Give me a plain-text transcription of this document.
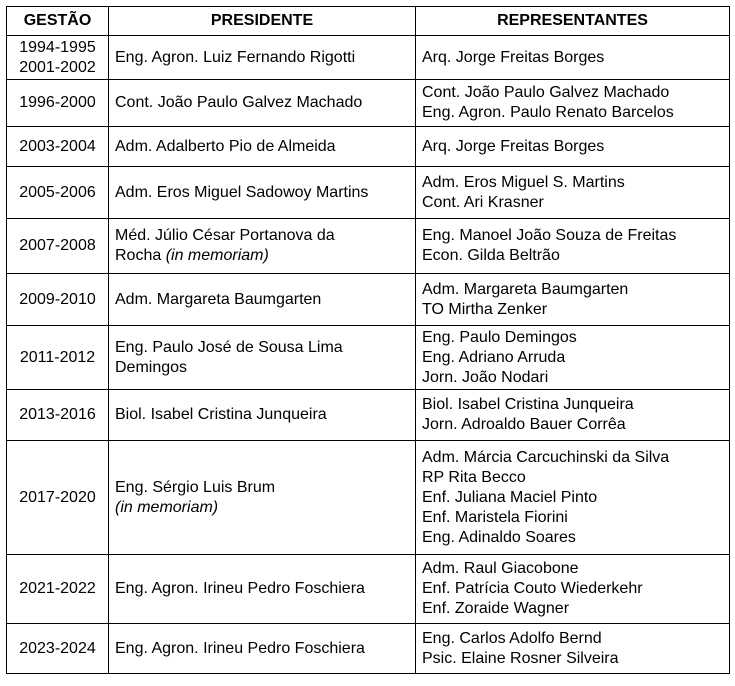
GESTÃO	PRESIDENTE	REPRESENTANTES

1994-1995
2001-2002	Eng. Agron. Luiz Fernando Rigotti	Arq. Jorge Freitas Borges

1996-2000	Cont. João Paulo Galvez Machado	Cont. João Paulo Galvez Machado
Eng. Agron. Paulo Renato Barcelos

2003-2004	Adm. Adalberto Pio de Almeida	Arq. Jorge Freitas Borges

2005-2006	Adm. Eros Miguel Sadowoy Martins	Adm. Eros Miguel S. Martins
Cont. Ari Krasner

2007-2008	Méd. Júlio César Portanova da
Rocha (in memoriam)	Eng. Manoel João Souza de Freitas
Econ. Gilda Beltrão

2009-2010	Adm. Margareta Baumgarten	Adm. Margareta Baumgarten
TO Mirtha Zenker

2011-2012	Eng. Paulo José de Sousa Lima
Demingos	Eng. Paulo Demingos
Eng. Adriano Arruda
Jorn. João Nodari

2013-2016	Biol. Isabel Cristina Junqueira	Biol. Isabel Cristina Junqueira
Jorn. Adroaldo Bauer Corrêa

2017-2020	Eng. Sérgio Luis Brum
(in memoriam)	Adm. Márcia Carcuchinski da Silva
RP Rita Becco
Enf. Juliana Maciel Pinto
Enf. Maristela Fiorini
Eng. Adinaldo Soares

2021-2022	Eng. Agron. Irineu Pedro Foschiera	Adm. Raul Giacobone
Enf. Patrícia Couto Wiederkehr
Enf. Zoraide Wagner

2023-2024	Eng. Agron. Irineu Pedro Foschiera	Eng. Carlos Adolfo Bernd
Psic. Elaine Rosner Silveira
